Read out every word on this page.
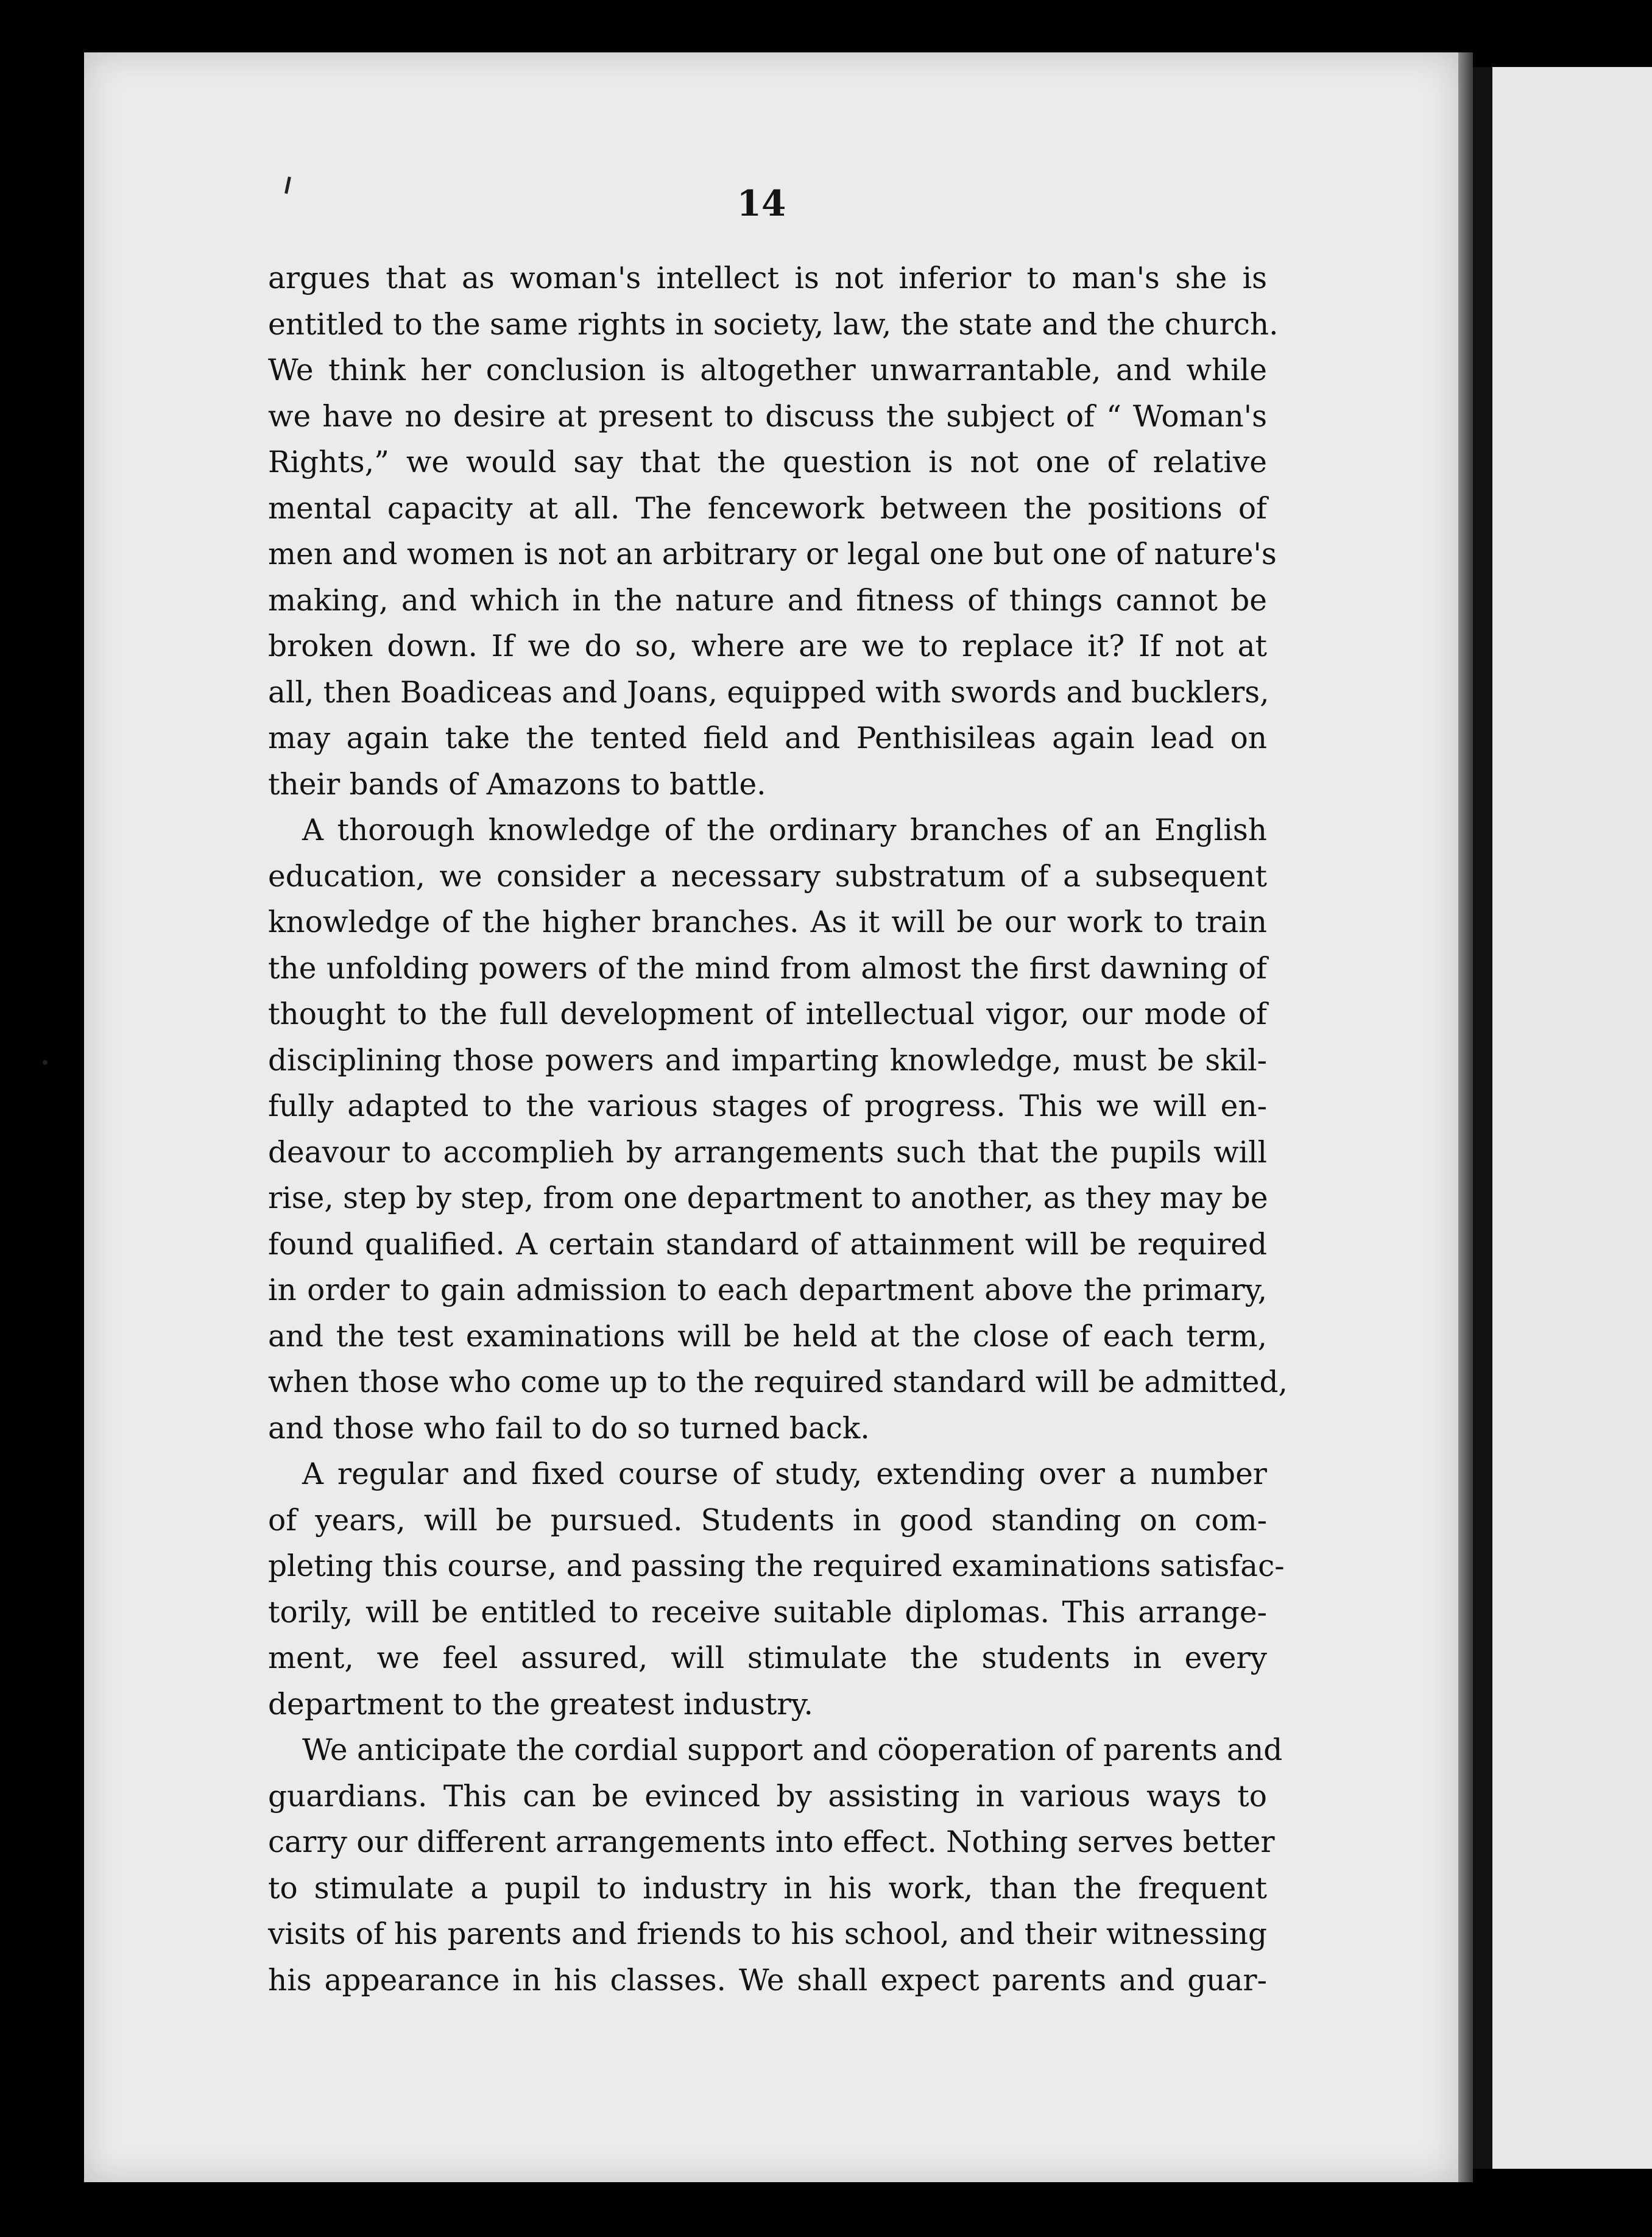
14
argues that as woman's intellect is not inferior to man's she is
entitled to the same rights in society, law, the state and the church.
We think her conclusion is altogether unwarrantable, and while
we have no desire at present to discuss the subject of “ Woman's
Rights,” we would say that the question is not one of relative
mental capacity at all. The fencework between the positions of
men and women is not an arbitrary or legal one but one of nature's
making, and which in the nature and fitness of things cannot be
broken down. If we do so, where are we to replace it? If not at
all, then Boadiceas and Joans, equipped with swords and bucklers,
may again take the tented field and Penthisileas again lead on
their bands of Amazons to battle.
A thorough knowledge of the ordinary branches of an English
education, we consider a necessary substratum of a subsequent
knowledge of the higher branches. As it will be our work to train
the unfolding powers of the mind from almost the first dawning of
thought to the full development of intellectual vigor, our mode of
disciplining those powers and imparting knowledge, must be skil-
fully adapted to the various stages of progress. This we will en-
deavour to accomplieh by arrangements such that the pupils will
rise, step by step, from one department to another, as they may be
found qualified. A certain standard of attainment will be required
in order to gain admission to each department above the primary,
and the test examinations will be held at the close of each term,
when those who come up to the required standard will be admitted,
and those who fail to do so turned back.
A regular and fixed course of study, extending over a number
of years, will be pursued. Students in good standing on com-
pleting this course, and passing the required examinations satisfac-
torily, will be entitled to receive suitable diplomas. This arrange-
ment, we feel assured, will stimulate the students in every
department to the greatest industry.
We anticipate the cordial support and cöoperation of parents and
guardians. This can be evinced by assisting in various ways to
carry our different arrangements into effect. Nothing serves better
to stimulate a pupil to industry in his work, than the frequent
visits of his parents and friends to his school, and their witnessing
his appearance in his classes. We shall expect parents and guar-
